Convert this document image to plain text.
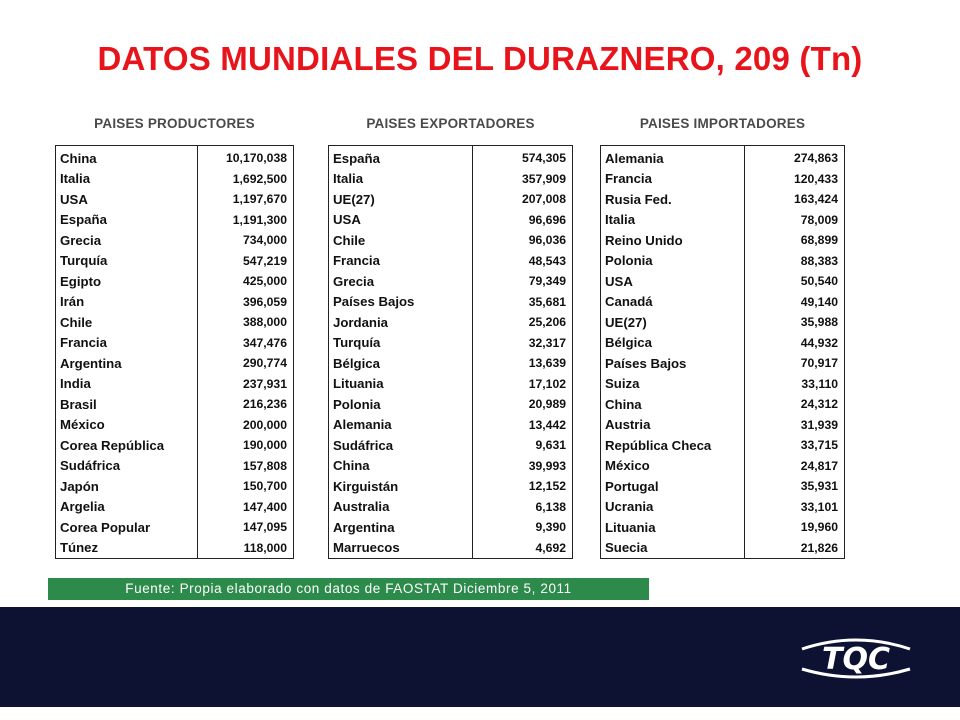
DATOS MUNDIALES DEL DURAZNERO, 209 (Tn)
PAISES PRODUCTORES
China	10,170,038
Italia	1,692,500
USA	1,197,670
España	1,191,300
Grecia	734,000
Turquía	547,219
Egipto	425,000
Irán	396,059
Chile	388,000
Francia	347,476
Argentina	290,774
India	237,931
Brasil	216,236
México	200,000
Corea República	190,000
Sudáfrica	157,808
Japón	150,700
Argelia	147,400
Corea Popular	147,095
Túnez	118,000
PAISES EXPORTADORES
España	574,305
Italia	357,909
UE(27)	207,008
USA	96,696
Chile	96,036
Francia	48,543
Grecia	79,349
Países Bajos	35,681
Jordania	25,206
Turquía	32,317
Bélgica	13,639
Lituania	17,102
Polonia	20,989
Alemania	13,442
Sudáfrica	9,631
China	39,993
Kirguistán	12,152
Australia	6,138
Argentina	9,390
Marruecos	4,692
PAISES IMPORTADORES
Alemania	274,863
Francia	120,433
Rusia Fed.	163,424
Italia	78,009
Reino Unido	68,899
Polonia	88,383
USA	50,540
Canadá	49,140
UE(27)	35,988
Bélgica	44,932
Países Bajos	70,917
Suiza	33,110
China	24,312
Austria	31,939
República Checa	33,715
México	24,817
Portugal	35,931
Ucrania	33,101
Lituania	19,960
Suecia	21,826
Fuente: Propia elaborado con datos de FAOSTAT Diciembre 5, 2011
TQC
